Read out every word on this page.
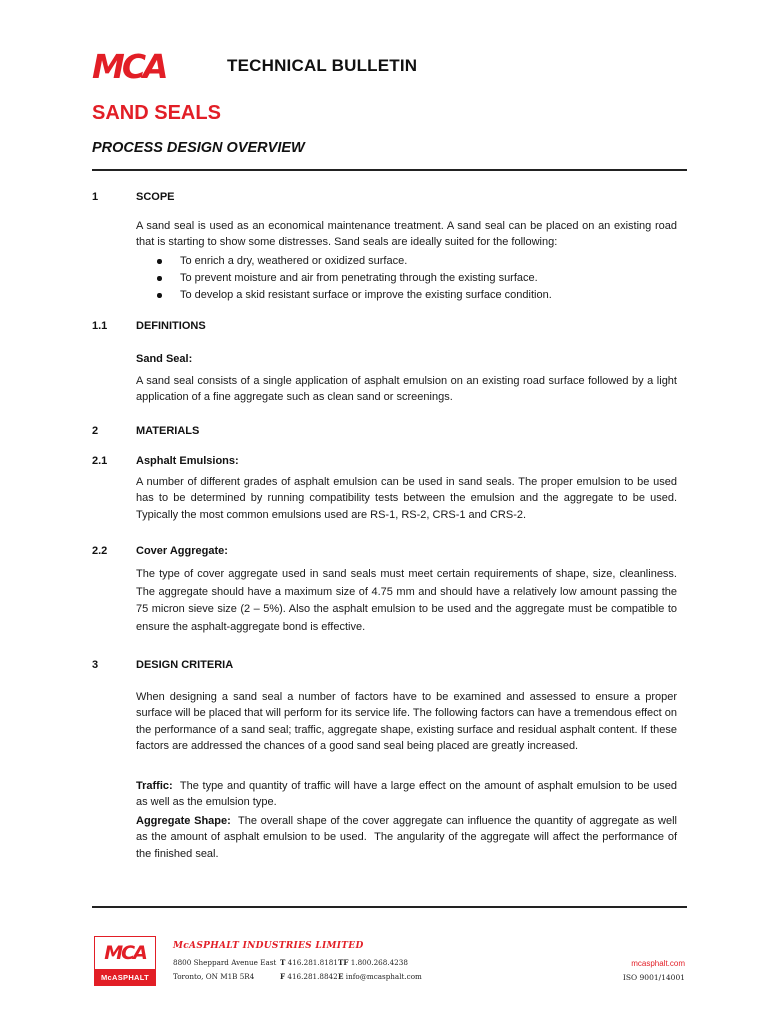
MCA	TECHNICAL BULLETIN
SAND SEALS
PROCESS DESIGN OVERVIEW
1	SCOPE
A sand seal is used as an economical maintenance treatment. A sand seal can be placed on an existing road that is starting to show some distresses. Sand seals are ideally suited for the following:
To enrich a dry, weathered or oxidized surface.
To prevent moisture and air from penetrating through the existing surface.
To develop a skid resistant surface or improve the existing surface condition.
1.1	DEFINITIONS
Sand Seal:
A sand seal consists of a single application of asphalt emulsion on an existing road surface followed by a light application of a fine aggregate such as clean sand or screenings.
2	MATERIALS
2.1	Asphalt Emulsions:
A number of different grades of asphalt emulsion can be used in sand seals. The proper emulsion to be used has to be determined by running compatibility tests between the emulsion and the aggregate to be used. Typically the most common emulsions used are RS-1, RS-2, CRS-1 and CRS-2.
2.2	Cover Aggregate:
The type of cover aggregate used in sand seals must meet certain requirements of shape, size, cleanliness. The aggregate should have a maximum size of 4.75 mm and should have a relatively low amount passing the 75 micron sieve size (2 – 5%). Also the asphalt emulsion to be used and the aggregate must be compatible to ensure the asphalt-aggregate bond is effective.
3	DESIGN CRITERIA
When designing a sand seal a number of factors have to be examined and assessed to ensure a proper surface will be placed that will perform for its service life. The following factors can have a tremendous effect on the performance of a sand seal; traffic, aggregate shape, existing surface and residual asphalt content. If these factors are addressed the chances of a good sand seal being placed are greatly increased.
Traffic:  The type and quantity of traffic will have a large effect on the amount of asphalt emulsion to be used as well as the emulsion type.
Aggregate Shape:  The overall shape of the cover aggregate can influence the quantity of aggregate as well as the amount of asphalt emulsion to be used.  The angularity of the aggregate will affect the performance of the finished seal.
MCA
McASPHALT
McASPHALT INDUSTRIES LIMITED
8800 Sheppard Avenue East
Toronto, ON M1B 5R4
T 416.281.8181
F 416.281.8842
TF 1.800.268.4238
E info@mcasphalt.com
mcasphalt.com
ISO 9001/14001
